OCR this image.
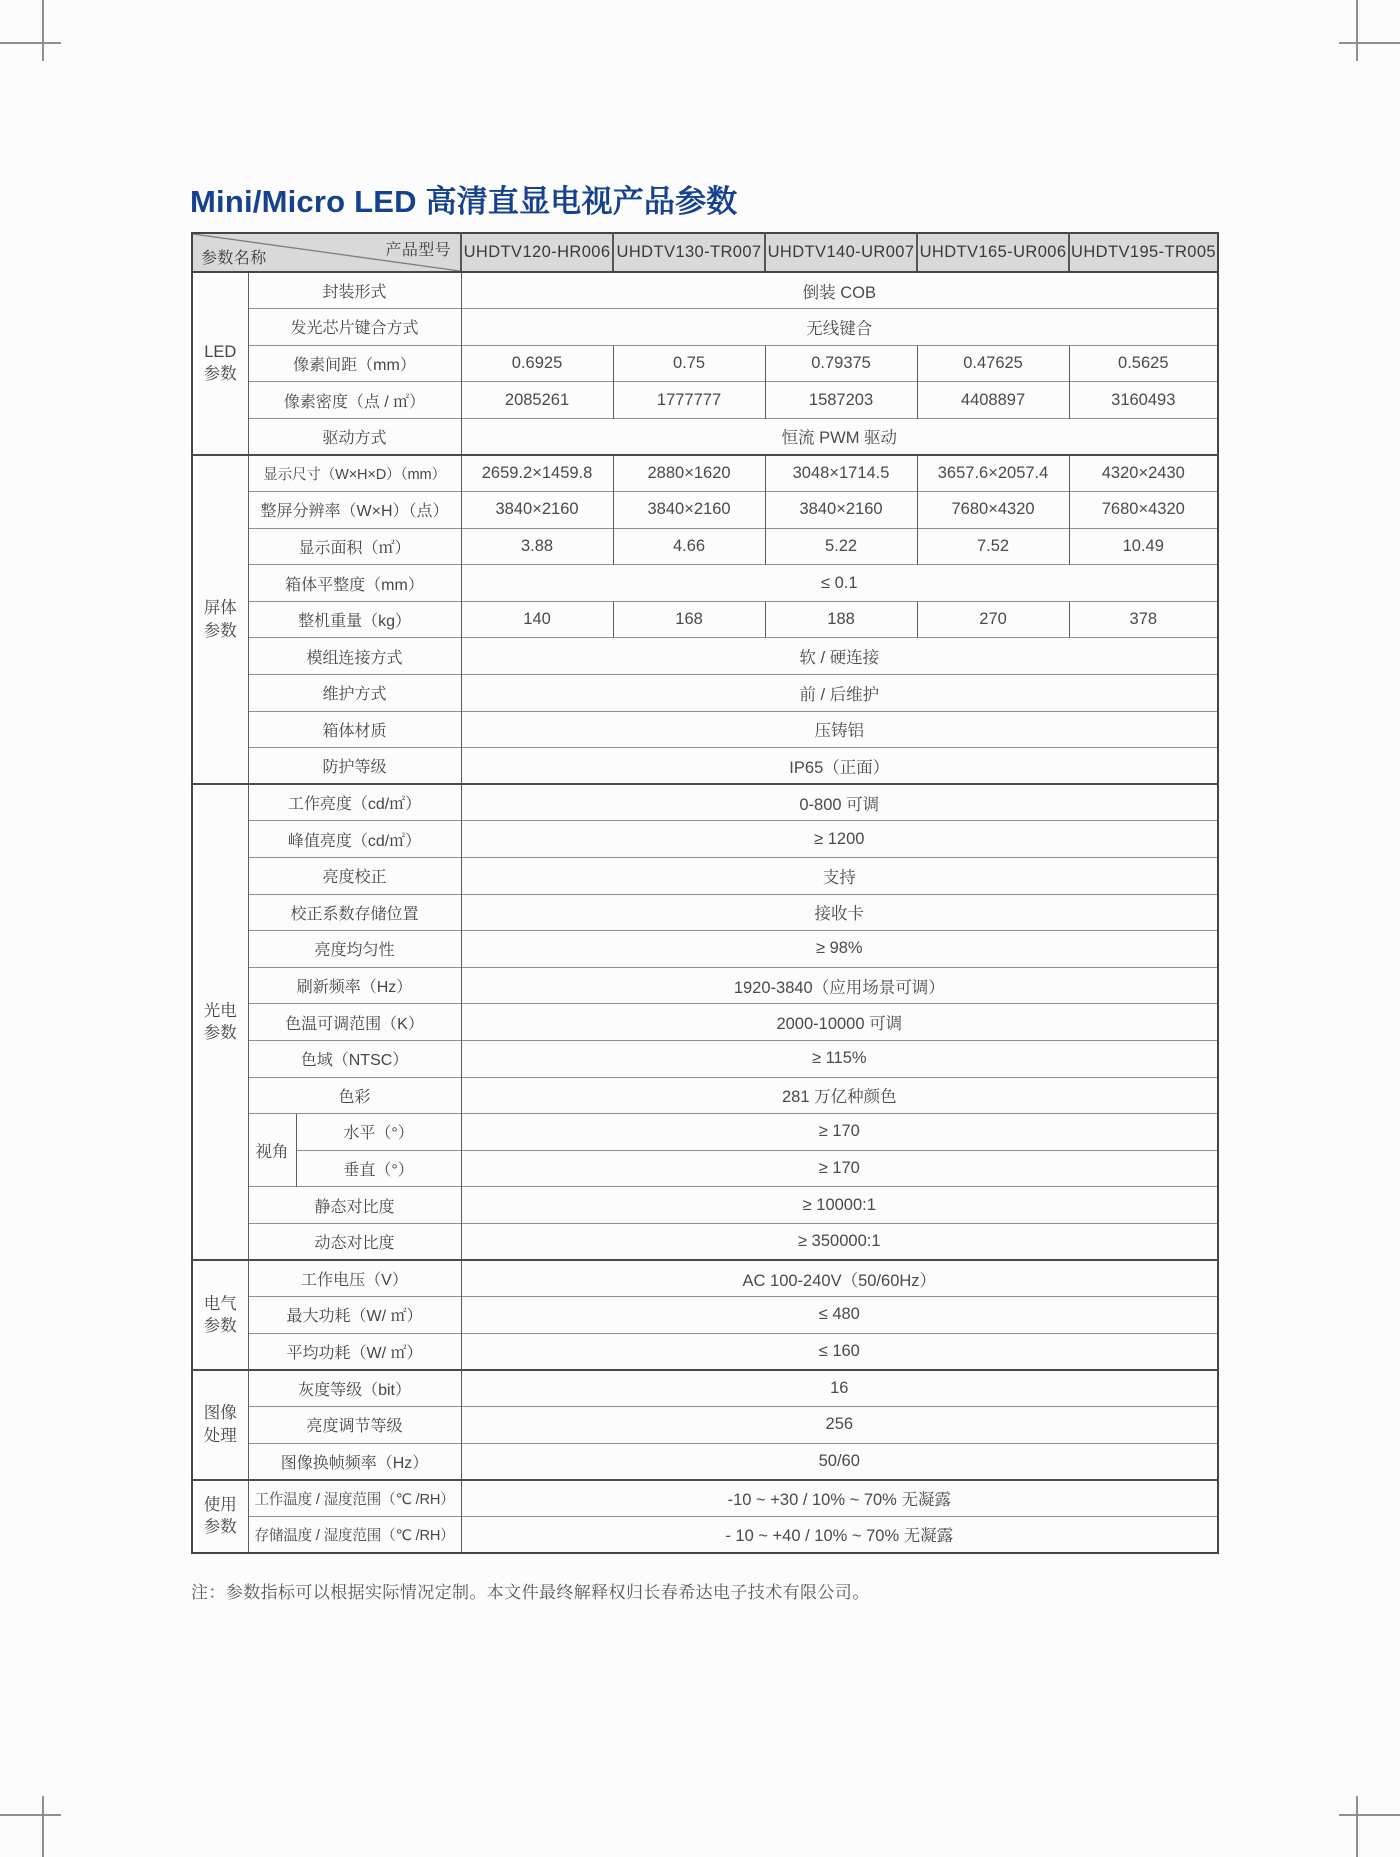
Mini/Micro LED 高清直显电视产品参数
产品型号
参数名称			UHDTV120-HR006	UHDTV130-TR007	UHDTV140-UR007	UHDTV165-UR006	UHDTV195-TR005
LED参数	封装形式		倒装 COB				
	发光芯片键合方式		无线键合				
	像素间距（mm）		0.6925	0.75	0.79375	0.47625	0.5625
	像素密度（点 / ㎡）		2085261	1777777	1587203	4408897	3160493
	驱动方式		恒流 PWM 驱动				
屏体参数	显示尺寸（W×H×D）（mm）		2659.2×1459.8	2880×1620	3048×1714.5	3657.6×2057.4	4320×2430
	整屏分辨率（W×H）（点）		3840×2160	3840×2160	3840×2160	7680×4320	7680×4320
	显示面积（㎡）		3.88	4.66	5.22	7.52	10.49
	箱体平整度（mm）		≤ 0.1				
	整机重量（kg）		140	168	188	270	378
	模组连接方式		软 / 硬连接				
	维护方式		前 / 后维护				
	箱体材质		压铸铝				
	防护等级		IP65（正面）				
光电参数	工作亮度（cd/㎡）		0-800 可调				
	峰值亮度（cd/㎡）		≥ 1200				
	亮度校正		支持				
	校正系数存储位置		接收卡				
	亮度均匀性		≥ 98%				
	刷新频率（Hz）		1920-3840（应用场景可调）				
	色温可调范围（K）		2000-10000 可调				
	色域（NTSC）		≥ 115%				
	色彩		281 万亿种颜色				
	视角	水平（°）	≥ 170				
		垂直（°）	≥ 170				
	静态对比度		≥ 10000:1				
	动态对比度		≥ 350000:1				
电气参数	工作电压（V）		AC 100-240V（50/60Hz）				
	最大功耗（W/ ㎡）		≤ 480				
	平均功耗（W/ ㎡）		≤ 160				
图像处理	灰度等级（bit）		16				
	亮度调节等级		256				
	图像换帧频率（Hz）		50/60				
使用参数	工作温度 / 湿度范围（℃ /RH）		-10 ~ +30 / 10% ~ 70% 无凝露				
	存储温度 / 湿度范围（℃ /RH）		- 10 ~ +40 / 10% ~ 70% 无凝露				
注：参数指标可以根据实际情况定制。本文件最终解释权归长春希达电子技术有限公司。
